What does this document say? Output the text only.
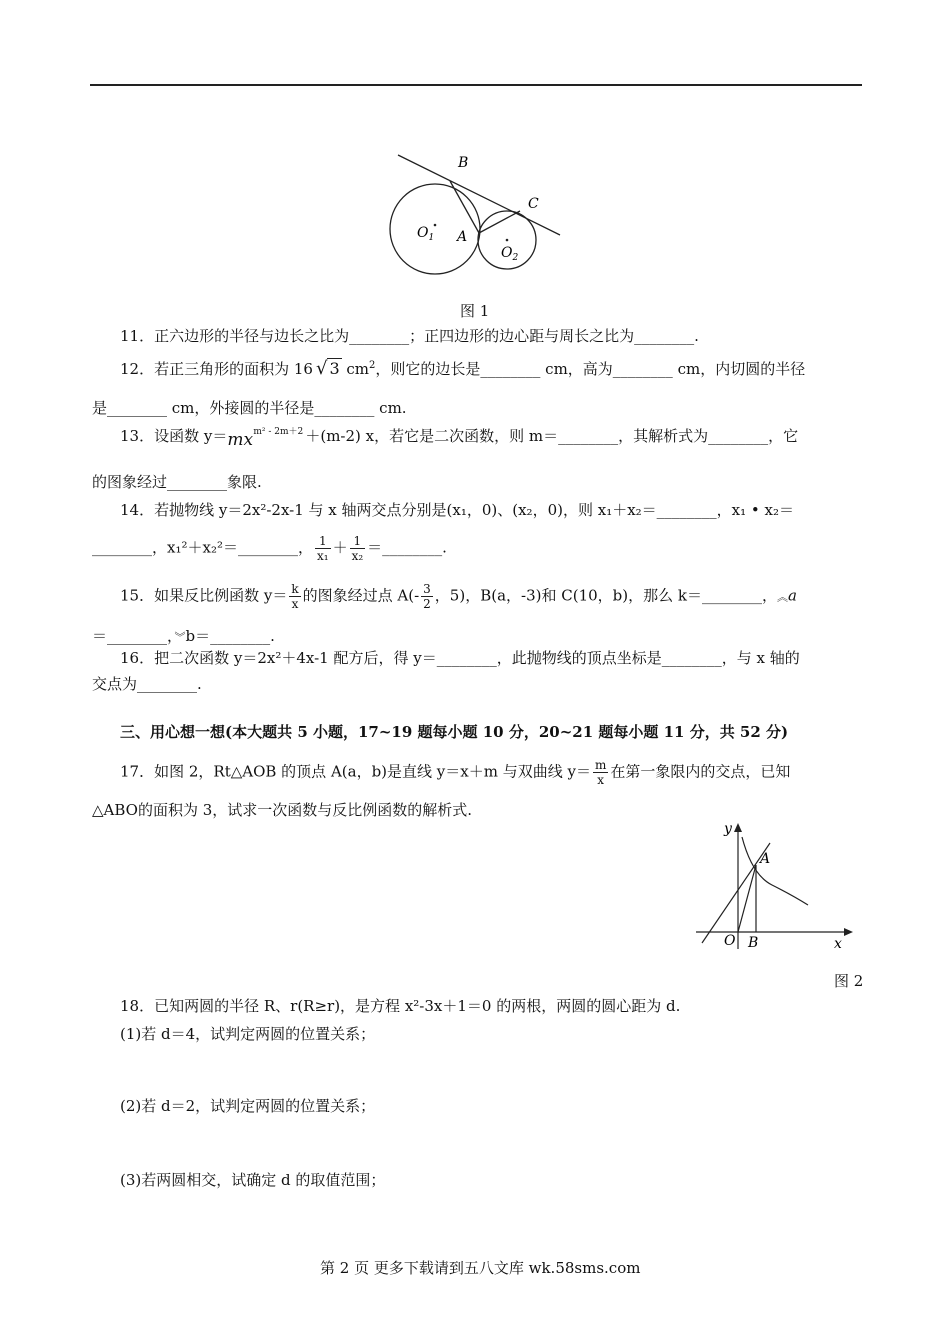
B
C
A
$O_1$
$O_2$
图 1
11．正六边形的半径与边长之比为________；正四边形的边心距与周长之比为________.
12．若正三角形的面积为 16 √ 3 $cm^2$，则它的边长是________ cm，高为________ cm，内切圆的半径
是________ cm，外接圆的半径是________ cm.
13．设函数 y＝ mx m² - 2m＋2 ＋(m-2) x，若它是二次函数，则 m＝________，其解析式为________，它
的图象经过________象限.
14．若抛物线 y＝2x²-2x-1 与 x 轴两交点分别是(x₁，0)、(x₂，0)，则 x₁＋x₂＝________，x₁ • x₂＝
________，x₁²＋x₂²＝________， $\frac{1}{\text{x₁}} + \frac{1}{\text{x₂}}$ ＝________.
15．如果反比例函数 $y= \frac{k}{x}$ 的图象经过点 $A(- \frac{3}{2}$ ，5)，B(a，-3)和 C(10，b)，那么 k＝________，︽a
＝________，︾b＝________.
16．把二次函数 y＝2x²＋4x-1 配方后，得 y＝________，此抛物线的顶点坐标是________，与 x 轴的
交点为________.
三、用心想一想(本大题共 5 小题，17~19 题每小题 10 分，20~21 题每小题 11 分，共 52 分)
17．如图 2，Rt△AOB 的顶点 A(a，b)是直线 y＝x＋m 与双曲线 $y= \frac{m}{x}$ 在第一象限内的交点，已知
△ABO的面积为 3，试求一次函数与反比例函数的解析式.
y
A
O B	x
图 2
18．已知两圆的半径 R、r(R≥r)，是方程 x²-3x＋1＝0 的两根，两圆的圆心距为 d.
(1)若 d＝4，试判定两圆的位置关系；
(2)若 d＝2，试判定两圆的位置关系；
(3)若两圆相交，试确定 d 的取值范围；
第 2 页 更多下载请到五八文库 wk.58sms.com
